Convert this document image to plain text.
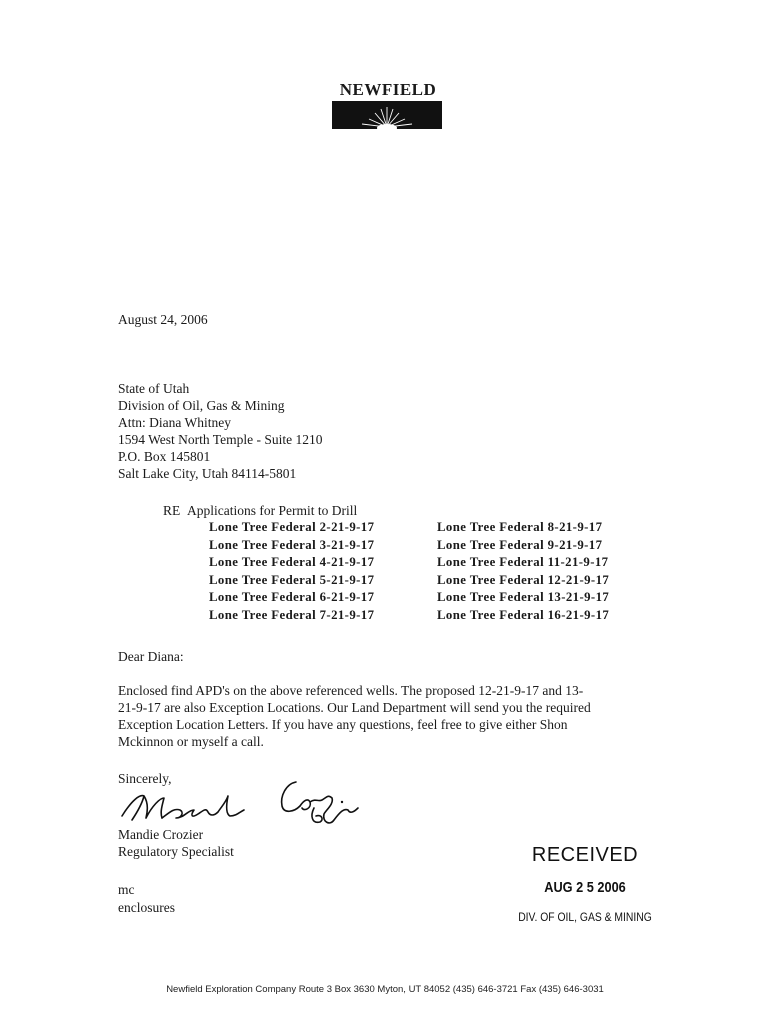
NEWFIELD
August 24, 2006
State of Utah
Division of Oil, Gas & Mining
Attn: Diana Whitney
1594 West North Temple - Suite 1210
P.O. Box 145801
Salt Lake City, Utah 84114-5801
RE Applications for Permit to Drill
Lone Tree Federal 2-21-9-17
Lone Tree Federal 3-21-9-17
Lone Tree Federal 4-21-9-17
Lone Tree Federal 5-21-9-17
Lone Tree Federal 6-21-9-17
Lone Tree Federal 7-21-9-17
Lone Tree Federal 8-21-9-17
Lone Tree Federal 9-21-9-17
Lone Tree Federal 11-21-9-17
Lone Tree Federal 12-21-9-17
Lone Tree Federal 13-21-9-17
Lone Tree Federal 16-21-9-17
Dear Diana:
Enclosed find APD's on the above referenced wells. The proposed 12-21-9-17 and 13-
21-9-17 are also Exception Locations. Our Land Department will send you the required
Exception Location Letters. If you have any questions, feel free to give either Shon
Mckinnon or myself a call.
Sincerely,
Mandie Crozier
Regulatory Specialist
mc
enclosures
RECEIVED
AUG 2 5 2006
DIV. OF OIL, GAS & MINING
Newfield Exploration Company Route 3 Box 3630 Myton, UT 84052 (435) 646-3721 Fax (435) 646-3031
